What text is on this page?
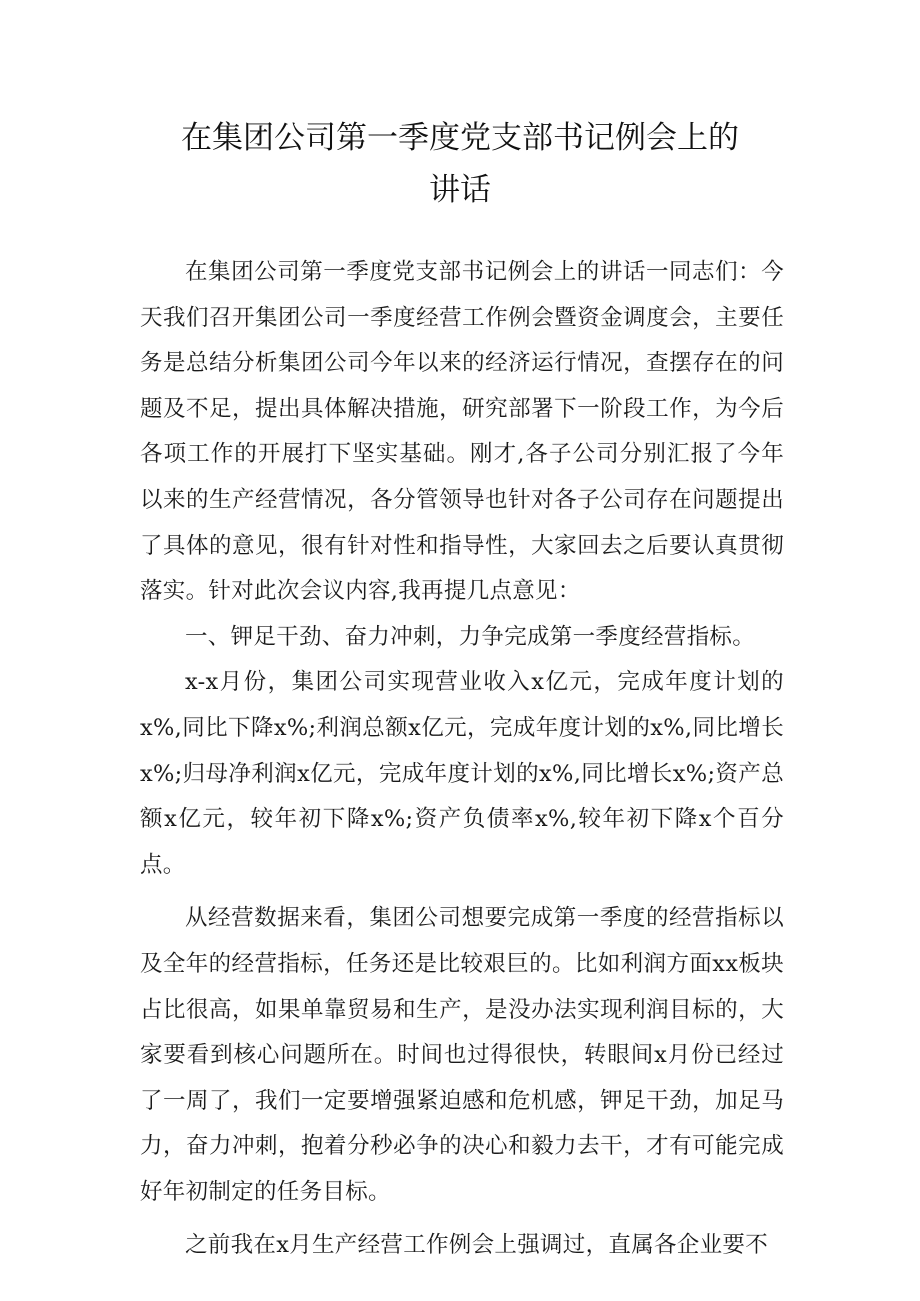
在集团公司第一季度党支部书记例会上的
讲话

在集团公司第一季度党支部书记例会上的讲话一同志们：今天我们召开集团公司一季度经营工作例会暨资金调度会，主要任务是总结分析集团公司今年以来的经济运行情况，查摆存在的问题及不足，提出具体解决措施，研究部署下一阶段工作，为今后各项工作的开展打下坚实基础。刚才,各子公司分别汇报了今年以来的生产经营情况，各分管领导也针对各子公司存在问题提出了具体的意见，很有针对性和指导性，大家回去之后要认真贯彻落实。针对此次会议内容,我再提几点意见：

一、钾足干劲、奋力冲刺，力争完成第一季度经营指标。

x-x月份，集团公司实现营业收入x亿元，完成年度计划的x%,同比下降x%;利润总额x亿元，完成年度计划的x%,同比增长x%;归母净利润x亿元，完成年度计划的x%,同比增长x%;资产总额x亿元，较年初下降x%;资产负债率x%,较年初下降x个百分点。

从经营数据来看，集团公司想要完成第一季度的经营指标以及全年的经营指标，任务还是比较艰巨的。比如利润方面xx板块占比很高，如果单靠贸易和生产，是没办法实现利润目标的，大家要看到核心问题所在。时间也过得很快，转眼间x月份已经过了一周了，我们一定要增强紧迫感和危机感，钾足干劲，加足马力，奋力冲刺，抱着分秒必争的决心和毅力去干，才有可能完成好年初制定的任务目标。

之前我在x月生产经营工作例会上强调过，直属各企业要不
